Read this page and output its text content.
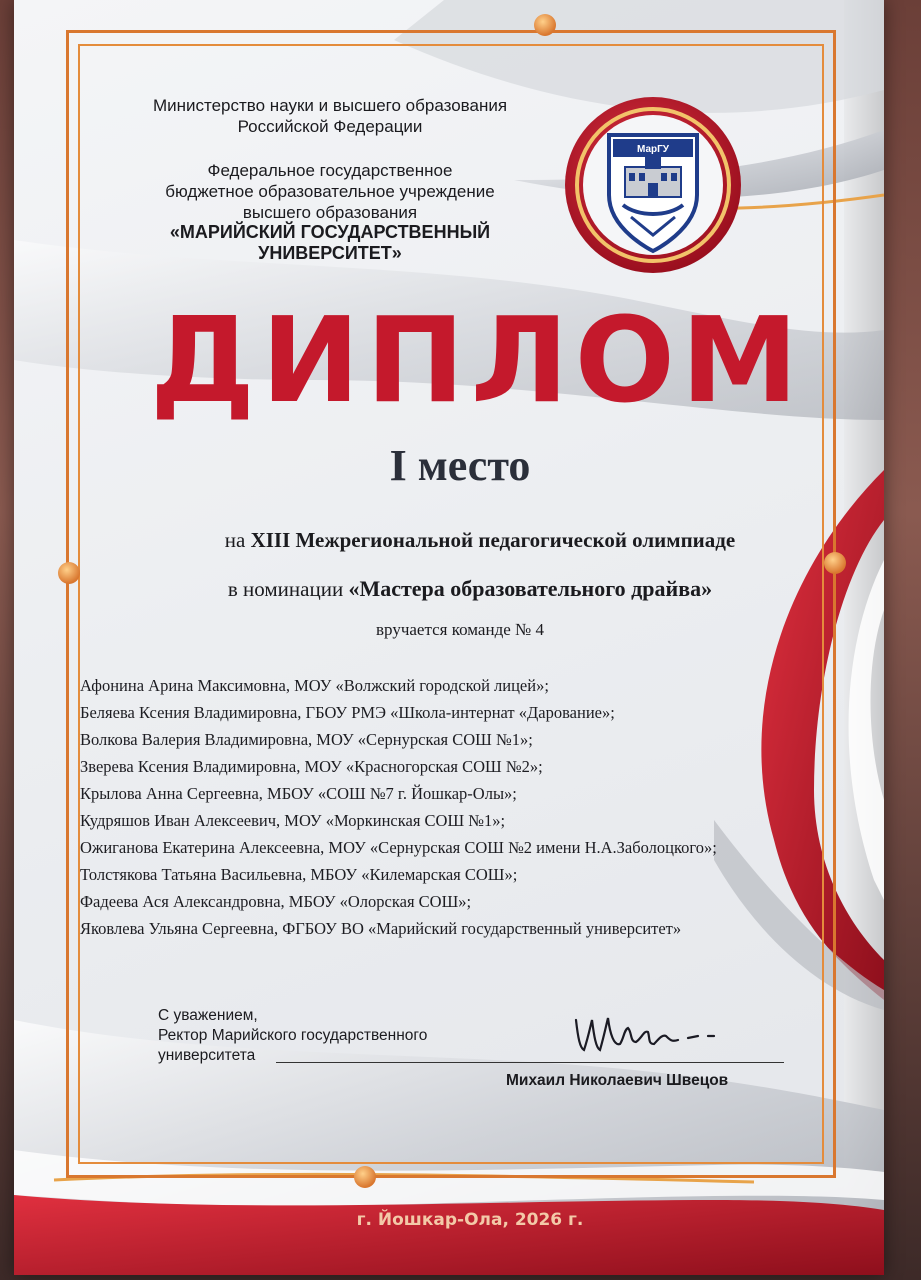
Министерство науки и высшего образования
Российской Федерации
Федеральное государственное
бюджетное образовательное учреждение
высшего образования
«МАРИЙСКИЙ ГОСУДАРСТВЕННЫЙ
УНИВЕРСИТЕТ»
МарГУ
ДИПЛОМ
I место
на XIII Межрегиональной педагогической олимпиаде
в номинации «Мастера образовательного драйва»
вручается команде № 4
Афонина Арина Максимовна, МОУ «Волжский городской лицей»;
Беляева Ксения Владимировна, ГБОУ РМЭ «Школа-интернат «Дарование»;
Волкова Валерия Владимировна, МОУ «Сернурская СОШ №1»;
Зверева Ксения Владимировна, МОУ «Красногорская СОШ №2»;
Крылова Анна Сергеевна, МБОУ «СОШ №7 г. Йошкар-Олы»;
Кудряшов Иван Алексеевич, МОУ «Моркинская СОШ №1»;
Ожиганова Екатерина Алексеевна, МОУ «Сернурская СОШ №2 имени Н.А.Заболоцкого»;
Толстякова Татьяна Васильевна, МБОУ «Килемарская СОШ»;
Фадеева Ася Александровна, МБОУ «Олорская СОШ»;
Яковлева Ульяна Сергеевна, ФГБОУ ВО «Марийский государственный университет»
С уважением,
Ректор Марийского государственного
университета
Михаил Николаевич Швецов
г. Йошкар-Ола, 2026 г.
